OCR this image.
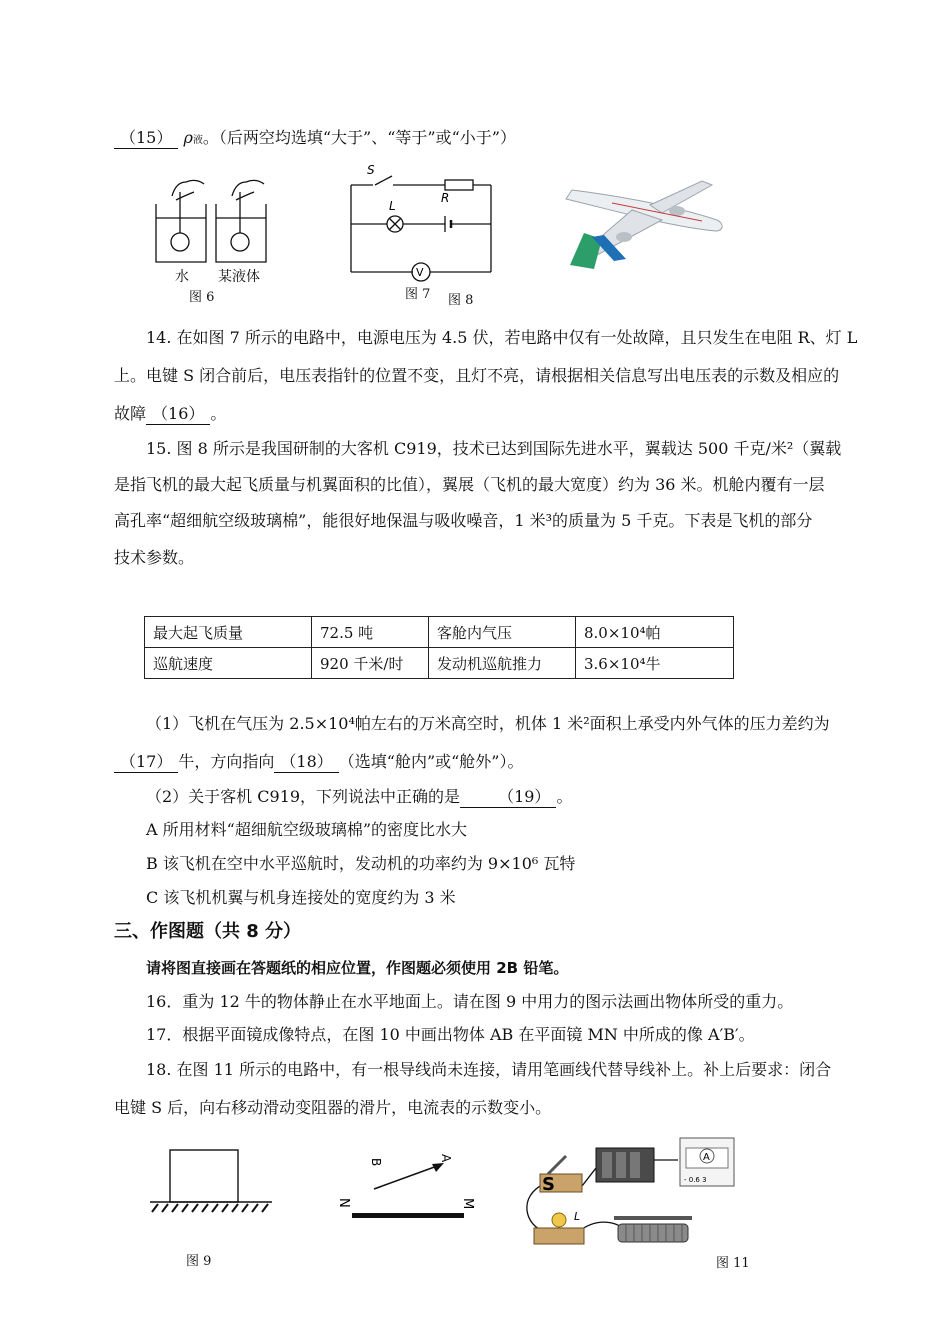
（15） ρ液。（后两空均选填“大于”、“等于”或“小于”）
水 某液体
图 6
S
R
L
V
图 7 图 8
14. 在如图 7 所示的电路中，电源电压为 4.5 伏，若电路中仅有一处故障，且只发生在电阻 R、灯 L
上。电键 S 闭合前后，电压表指针的位置不变，且灯不亮，请根据相关信息写出电压表的示数及相应的
故障 （16） 。
15. 图 8 所示是我国研制的大客机 C919，技术已达到国际先进水平，翼载达 500 千克/米²（翼载
是指飞机的最大起飞质量与机翼面积的比值），翼展（飞机的最大宽度）约为 36 米。机舱内覆有一层
高孔率“超细航空级玻璃棉”，能很好地保温与吸收噪音，1 米³的质量为 5 千克。下表是飞机的部分
技术参数。
最大起飞质量	72.5 吨	客舱内气压	8.0×10⁴帕
巡航速度	920 千米/时	发动机巡航推力	3.6×10⁴牛
（1）飞机在气压为 2.5×10⁴帕左右的万米高空时，机体 1 米²面积上承受内外气体的压力差约为
（17） 牛，方向指向 （18） （选填“舱内”或“舱外”）。
（2）关于客机 C919，下列说法中正确的是 （19） 。
A 所用材料“超细航空级玻璃棉”的密度比水大
B 该飞机在空中水平巡航时，发动机的功率约为 9×10⁶ 瓦特
C 该飞机机翼与机身连接处的宽度约为 3 米
三、作图题（共 8 分）
请将图直接画在答题纸的相应位置，作图题必须使用 2B 铅笔。
16．重为 12 牛的物体静止在水平地面上。请在图 9 中用力的图示法画出物体所受的重力。
17．根据平面镜成像特点，在图 10 中画出物体 AB 在平面镜 MN 中所成的像 A′B′。
18. 在图 11 所示的电路中，有一根导线尚未连接，请用笔画线代替导线补上。补上后要求：闭合
电键 S 后，向右移动滑动变阻器的滑片，电流表的示数变小。
图 9
A
B
M
N
S
A
- 0.6 3
L
图 11
